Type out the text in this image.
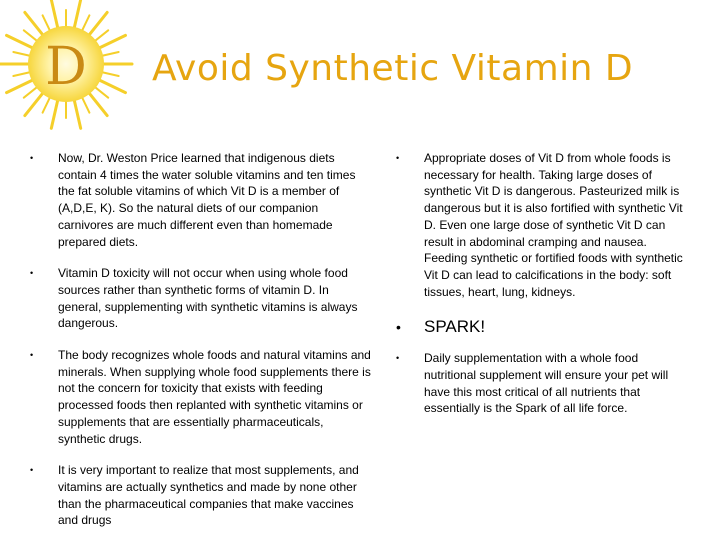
D Avoid Synthetic Vitamin D
• Now, Dr. Weston Price learned that indigenous diets contain 4 times the water soluble vitamins and ten times the fat soluble vitamins of which Vit D is a member of (A,D,E, K). So the natural diets of our companion carnivores are much different even than homemade prepared diets.
• Vitamin D toxicity will not occur when using whole food sources rather than synthetic forms of vitamin D. In general, supplementing with synthetic vitamins is always dangerous.
• The body recognizes whole foods and natural vitamins and minerals. When supplying whole food supplements there is not the concern for toxicity that exists with feeding processed foods then replanted with synthetic vitamins or supplements that are essentially pharmaceuticals, synthetic drugs.
• It is very important to realize that most supplements, and vitamins are actually synthetics and made by none other than the pharmaceutical companies that make vaccines and drugs
• Appropriate doses of Vit D from whole foods is necessary for health. Taking large doses of synthetic Vit D is dangerous. Pasteurized milk is dangerous but it is also fortified with synthetic Vit D. Even one large dose of synthetic Vit D can result in abdominal cramping and nausea. Feeding synthetic or fortified foods with synthetic Vit D can lead to calcifications in the body: soft tissues, heart, lung, kidneys.
• SPARK!
• Daily supplementation with a whole food nutritional supplement will ensure your pet will have this most critical of all nutrients that essentially is the Spark of all life force.
